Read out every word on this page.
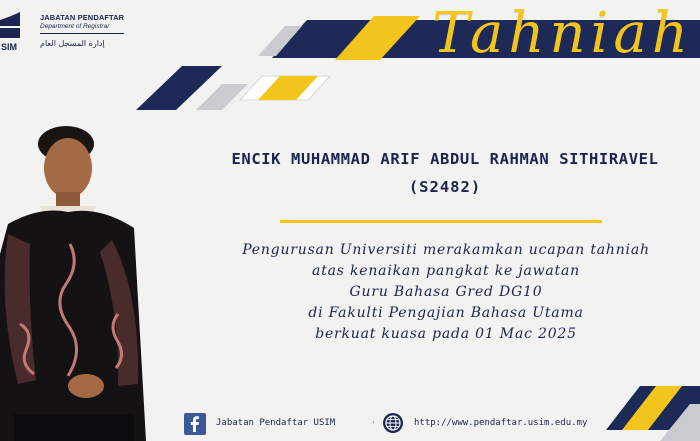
SIM
JABATAN PENDAFTAR
Department of Registrar
إدارة المسجل العام	Tahniah
ENCIK MUHAMMAD ARIF ABDUL RAHMAN SITHIRAVEL
(S2482)
Pengurusan Universiti merakamkan ucapan tahniah
atas kenaikan pangkat ke jawatan
Guru Bahasa Gred DG10
di Fakulti Pengajian Bahasa Utama
berkuat kuasa pada 01 Mac 2025
Jabatan Pendaftar USIM	·	http://www.pendaftar.usim.edu.my
